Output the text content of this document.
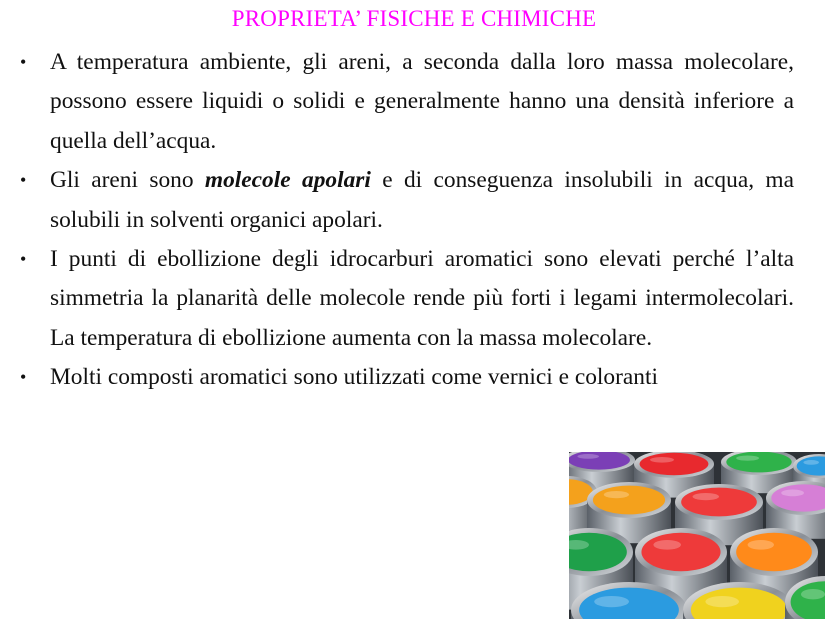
PROPRIETA’ FISICHE E CHIMICHE
• A temperatura ambiente, gli areni, a seconda dalla loro massa molecolare, possono essere liquidi o solidi e generalmente hanno una densità inferiore a quella dell’acqua.
• Gli areni sono molecole apolari e di conseguenza insolubili in acqua, ma solubili in solventi organici apolari.
• I punti di ebollizione degli idrocarburi aromatici sono elevati perché l’alta simmetria la planarità delle molecole rende più forti i legami intermolecolari. La temperatura di ebollizione aumenta con la massa molecolare.
• Molti composti aromatici sono utilizzati come vernici e coloranti
